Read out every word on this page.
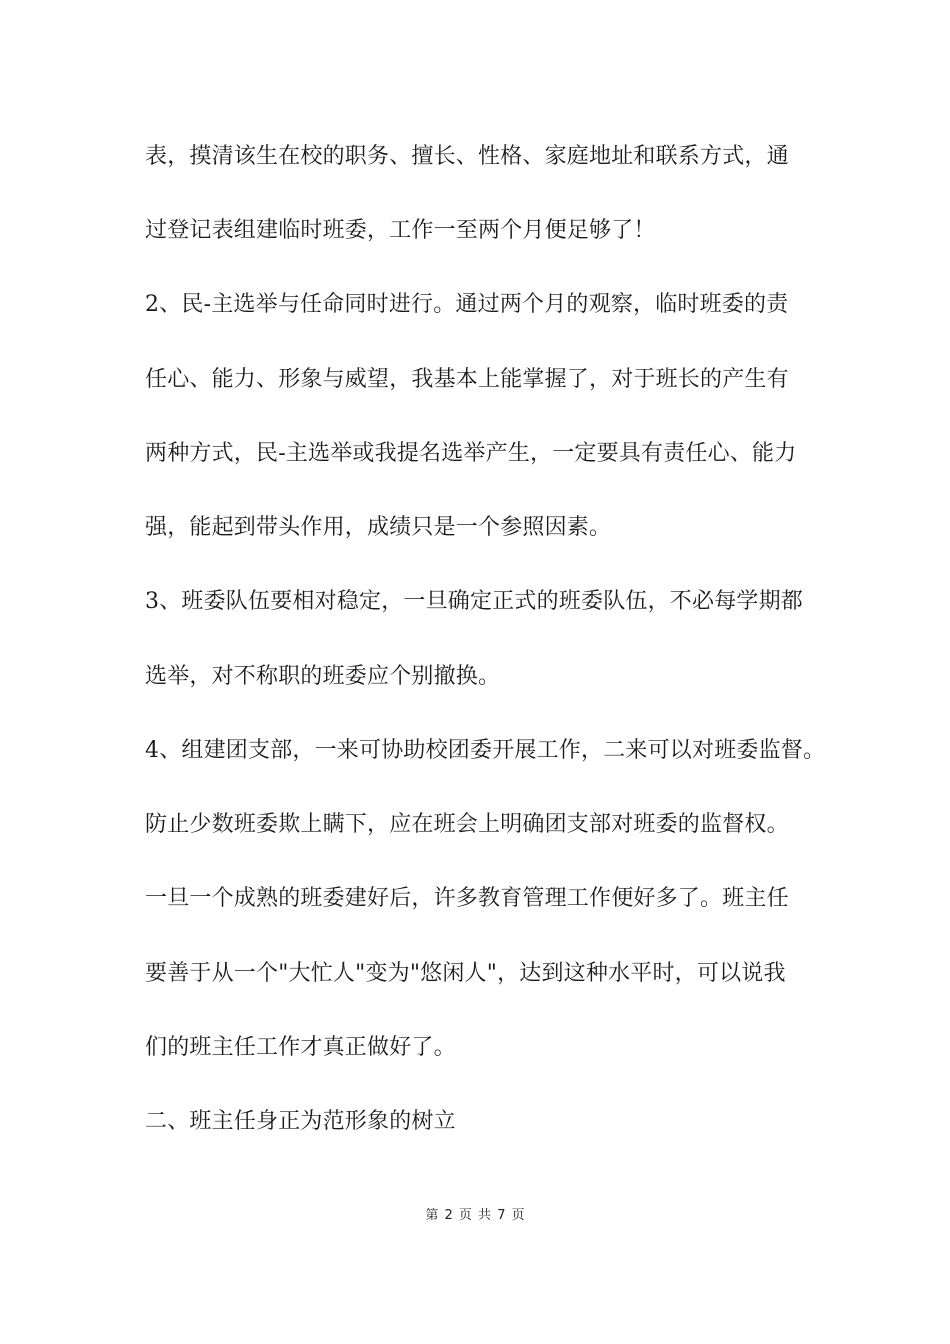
表，摸清该生在校的职务、擅长、性格、家庭地址和联系方式，通
过登记表组建临时班委，工作一至两个月便足够了！
2、民-主选举与任命同时进行。通过两个月的观察，临时班委的责
任心、能力、形象与威望，我基本上能掌握了，对于班长的产生有
两种方式，民-主选举或我提名选举产生，一定要具有责任心、能力
强，能起到带头作用，成绩只是一个参照因素。
3、班委队伍要相对稳定，一旦确定正式的班委队伍，不必每学期都
选举，对不称职的班委应个别撤换。
4、组建团支部，一来可协助校团委开展工作，二来可以对班委监督。
防止少数班委欺上瞒下，应在班会上明确团支部对班委的监督权。
一旦一个成熟的班委建好后，许多教育管理工作便好多了。班主任
要善于从一个"大忙人"变为"悠闲人"，达到这种水平时，可以说我
们的班主任工作才真正做好了。
二、班主任身正为范形象的树立
第 2 页 共 7 页
